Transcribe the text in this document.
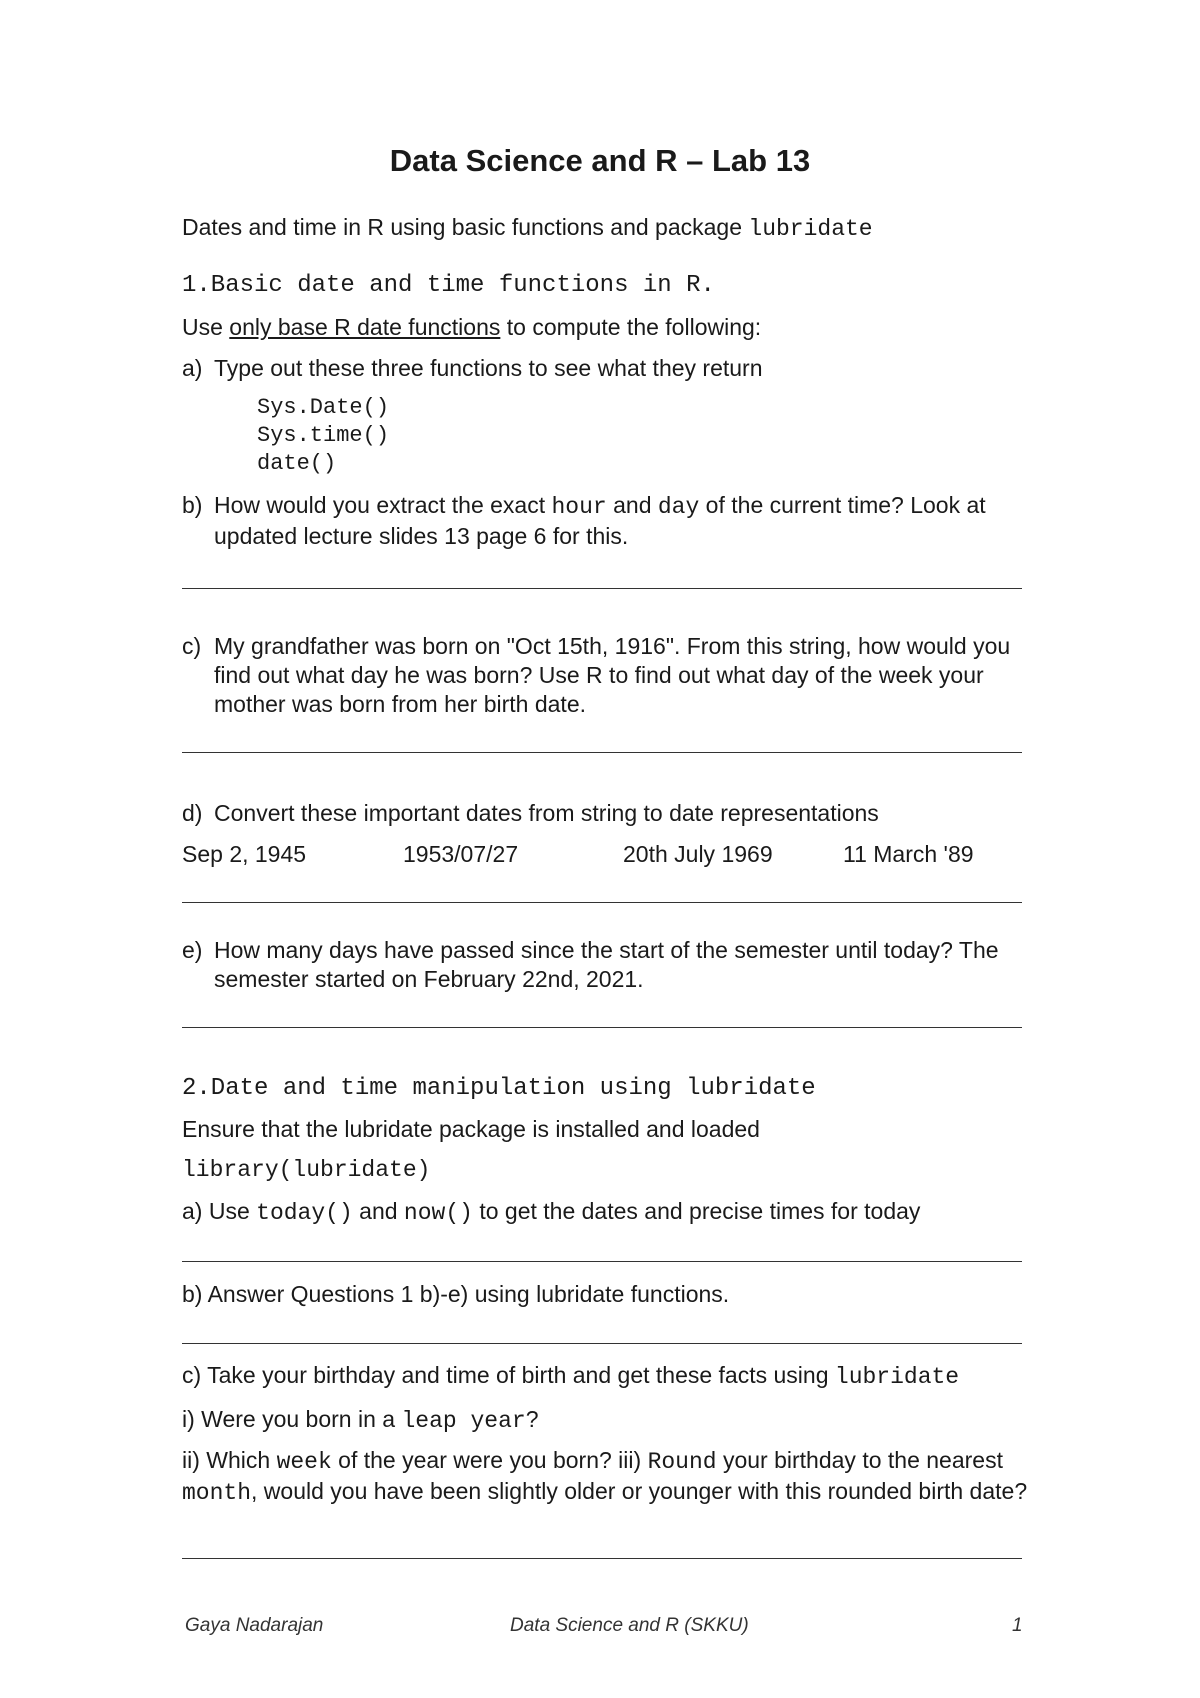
Data Science and R – Lab 13
Dates and time in R using basic functions and package lubridate
1.Basic date and time functions in R.
Use only base R date functions to compute the following:
a) Type out these three functions to see what they return
Sys.Date()
Sys.time()
date()
b) How would you extract the exact hour and day of the current time? Look at updated lecture slides 13 page 6 for this.
c) My grandfather was born on "Oct 15th, 1916". From this string, how would you find out what day he was born? Use R to find out what day of the week your mother was born from her birth date.
d) Convert these important dates from string to date representations
Sep 2, 1945	1953/07/27	20th July 1969	11 March '89
e) How many days have passed since the start of the semester until today? The semester started on February 22nd, 2021.
2.Date and time manipulation using lubridate
Ensure that the lubridate package is installed and loaded
library(lubridate)
a) Use today() and now() to get the dates and precise times for today
b) Answer Questions 1 b)-e) using lubridate functions.
c) Take your birthday and time of birth and get these facts using lubridate
i) Were you born in a leap year?
ii) Which week of the year were you born? iii) Round your birthday to the nearest month, would you have been slightly older or younger with this rounded birth date?
Gaya Nadarajan	Data Science and R (SKKU)	1
